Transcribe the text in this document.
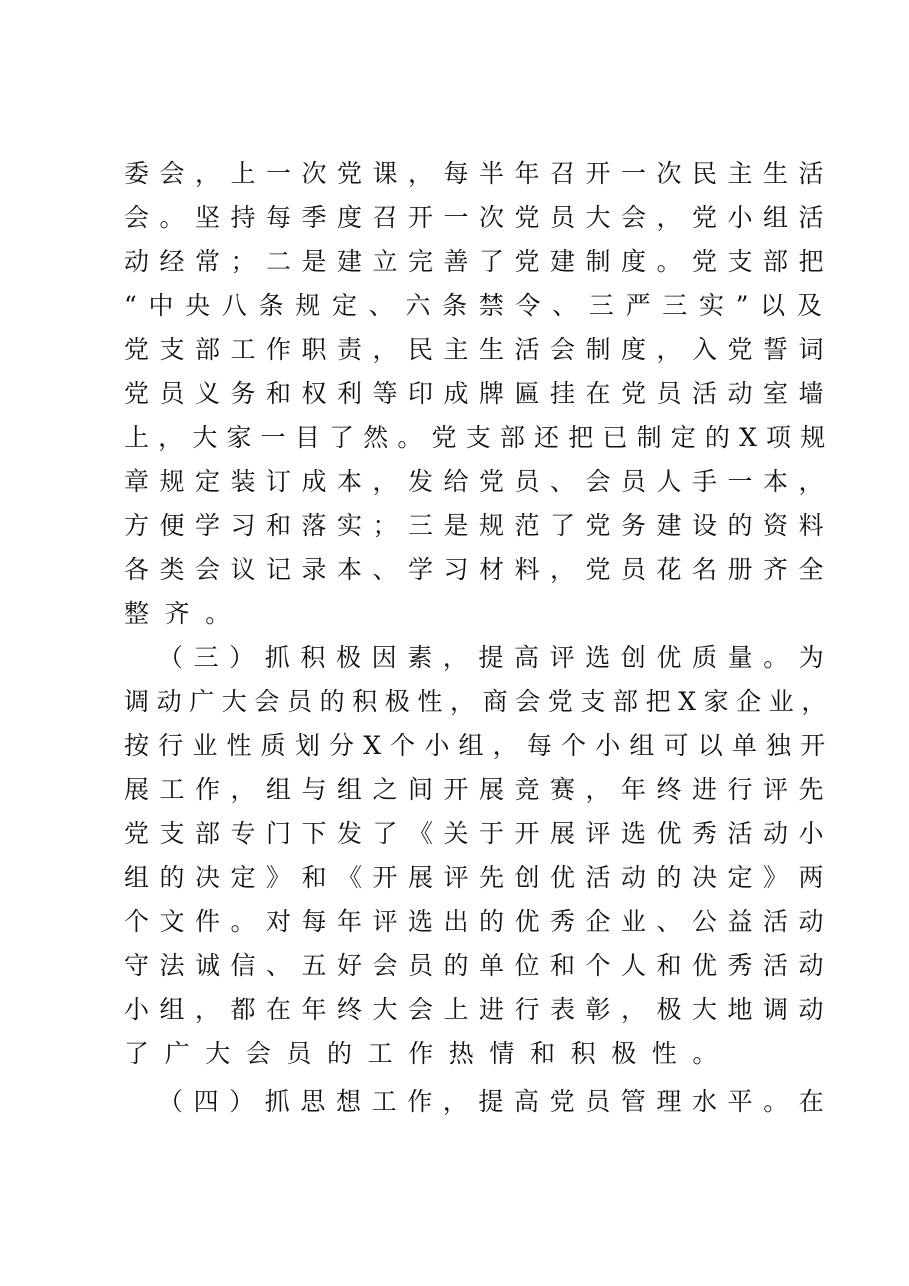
委会，上一次党课，每半年召开一次民主生活
会。坚持每季度召开一次党员大会，党小组活
动经常；二是建立完善了党建制度。党支部把
“中央八条规定、六条禁令、三严三实”以及
党支部工作职责，民主生活会制度，入党誓词
党员义务和权利等印成牌匾挂在党员活动室墙
上，大家一目了然。党支部还把已制定的X项规
章规定装订成本，发给党员、会员人手一本，
方便学习和落实；三是规范了党务建设的资料
各类会议记录本、学习材料，党员花名册齐全
整齐。
（三）抓积极因素，提高评选创优质量。为
调动广大会员的积极性，商会党支部把X家企业，
按行业性质划分X个小组，每个小组可以单独开
展工作，组与组之间开展竞赛，年终进行评先
党支部专门下发了《关于开展评选优秀活动小
组的决定》和《开展评先创优活动的决定》两
个文件。对每年评选出的优秀企业、公益活动
守法诚信、五好会员的单位和个人和优秀活动
小组，都在年终大会上进行表彰，极大地调动
了广大会员的工作热情和积极性。
（四）抓思想工作，提高党员管理水平。在
